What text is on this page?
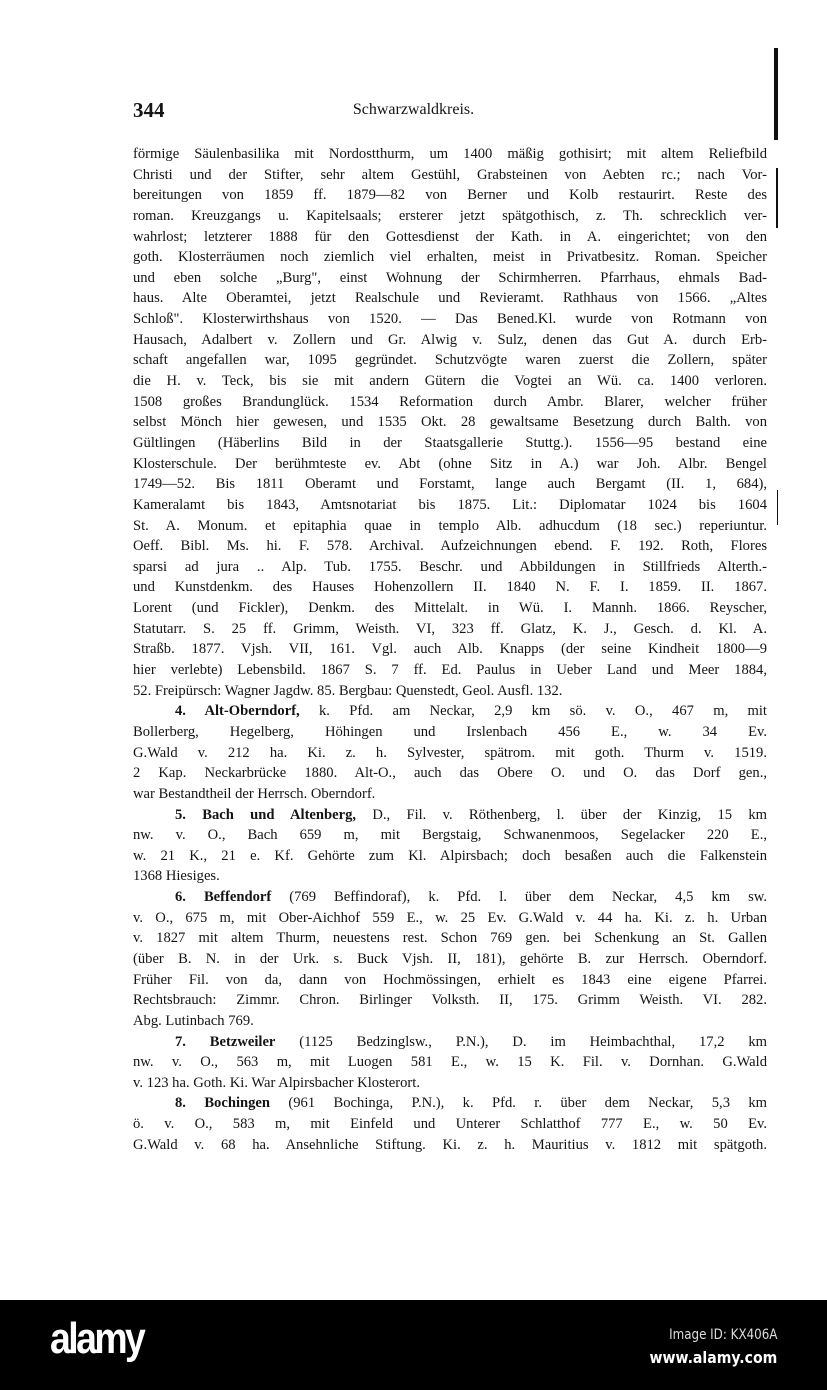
344	Schwarzwaldkreis.
förmige Säulenbasilika mit Nordostthurm, um 1400 mäßig gothisirt; mit altem Reliefbild
Christi und der Stifter, sehr altem Gestühl, Grabsteinen von Aebten rc.; nach Vor-
bereitungen von 1859 ff. 1879—82 von Berner und Kolb restaurirt. Reste des
roman. Kreuzgangs u. Kapitelsaals; ersterer jetzt spätgothisch, z. Th. schrecklich ver-
wahrlost; letzterer 1888 für den Gottesdienst der Kath. in A. eingerichtet; von den
goth. Klosterräumen noch ziemlich viel erhalten, meist in Privatbesitz. Roman. Speicher
und eben solche „Burg", einst Wohnung der Schirmherren. Pfarrhaus, ehmals Bad-
haus. Alte Oberamtei, jetzt Realschule und Revieramt. Rathhaus von 1566. „Altes
Schloß". Klosterwirthshaus von 1520. — Das Bened.Kl. wurde von Rotmann von
Hausach, Adalbert v. Zollern und Gr. Alwig v. Sulz, denen das Gut A. durch Erb-
schaft angefallen war, 1095 gegründet. Schutzvögte waren zuerst die Zollern, später
die H. v. Teck, bis sie mit andern Gütern die Vogtei an Wü. ca. 1400 verloren.
1508 großes Brandunglück. 1534 Reformation durch Ambr. Blarer, welcher früher
selbst Mönch hier gewesen, und 1535 Okt. 28 gewaltsame Besetzung durch Balth. von
Gültlingen (Häberlins Bild in der Staatsgallerie Stuttg.). 1556—95 bestand eine
Klosterschule. Der berühmteste ev. Abt (ohne Sitz in A.) war Joh. Albr. Bengel
1749—52. Bis 1811 Oberamt und Forstamt, lange auch Bergamt (II. 1, 684),
Kameralamt bis 1843, Amtsnotariat bis 1875. Lit.: Diplomatar 1024 bis 1604
St. A. Monum. et epitaphia quae in templo Alb. adhucdum (18 sec.) reperiuntur.
Oeff. Bibl. Ms. hi. F. 578. Archival. Aufzeichnungen ebend. F. 192. Roth, Flores
sparsi ad jura .. Alp. Tub. 1755. Beschr. und Abbildungen in Stillfrieds Alterth.-
und Kunstdenkm. des Hauses Hohenzollern II. 1840 N. F. I. 1859. II. 1867.
Lorent (und Fickler), Denkm. des Mittelalt. in Wü. I. Mannh. 1866. Reyscher,
Statutarr. S. 25 ff. Grimm, Weisth. VI, 323 ff. Glatz, K. J., Gesch. d. Kl. A.
Straßb. 1877. Vjsh. VII, 161. Vgl. auch Alb. Knapps (der seine Kindheit 1800—9
hier verlebte) Lebensbild. 1867 S. 7 ff. Ed. Paulus in Ueber Land und Meer 1884,
52. Freipürsch: Wagner Jagdw. 85. Bergbau: Quenstedt, Geol. Ausfl. 132.
4. Alt-Oberndorf, k. Pfd. am Neckar, 2,9 km sö. v. O., 467 m, mit
Bollerberg, Hegelberg, Höhingen und Irslenbach 456 E., w. 34 Ev.
G.Wald v. 212 ha. Ki. z. h. Sylvester, spätrom. mit goth. Thurm v. 1519.
2 Kap. Neckarbrücke 1880. Alt-O., auch das Obere O. und O. das Dorf gen.,
war Bestandtheil der Herrsch. Oberndorf.
5. Bach und Altenberg, D., Fil. v. Röthenberg, l. über der Kinzig, 15 km
nw. v. O., Bach 659 m, mit Bergstaig, Schwanenmoos, Segelacker 220 E.,
w. 21 K., 21 e. Kf. Gehörte zum Kl. Alpirsbach; doch besaßen auch die Falkenstein
1368 Hiesiges.
6. Beffendorf (769 Beffindoraf), k. Pfd. l. über dem Neckar, 4,5 km sw.
v. O., 675 m, mit Ober-Aichhof 559 E., w. 25 Ev. G.Wald v. 44 ha. Ki. z. h. Urban
v. 1827 mit altem Thurm, neuestens rest. Schon 769 gen. bei Schenkung an St. Gallen
(über B. N. in der Urk. s. Buck Vjsh. II, 181), gehörte B. zur Herrsch. Oberndorf.
Früher Fil. von da, dann von Hochmössingen, erhielt es 1843 eine eigene Pfarrei.
Rechtsbrauch: Zimmr. Chron. Birlinger Volksth. II, 175. Grimm Weisth. VI. 282.
Abg. Lutinbach 769.
7. Betzweiler (1125 Bedzinglsw., P.N.), D. im Heimbachthal, 17,2 km
nw. v. O., 563 m, mit Luogen 581 E., w. 15 K. Fil. v. Dornhan. G.Wald
v. 123 ha. Goth. Ki. War Alpirsbacher Klosterort.
8. Bochingen (961 Bochinga, P.N.), k. Pfd. r. über dem Neckar, 5,3 km
ö. v. O., 583 m, mit Einfeld und Unterer Schlatthof 777 E., w. 50 Ev.
G.Wald v. 68 ha. Ansehnliche Stiftung. Ki. z. h. Mauritius v. 1812 mit spätgoth.
alamy	Image ID: KX406A
www.alamy.com
